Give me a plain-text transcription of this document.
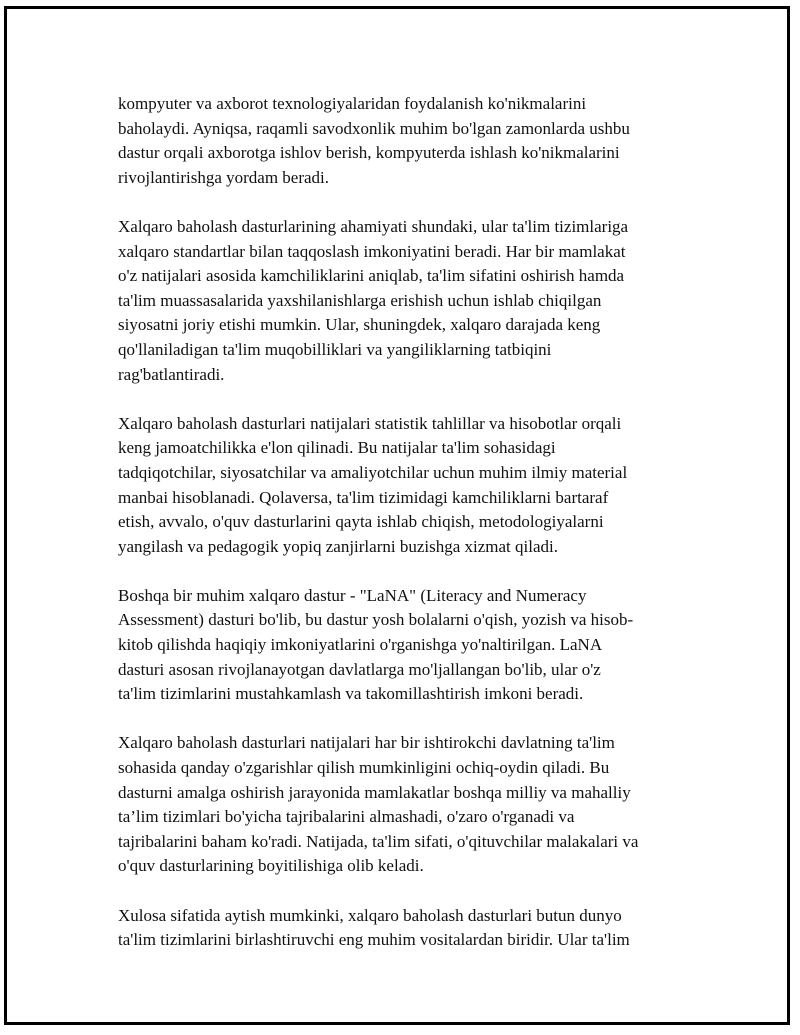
kompyuter va axborot texnologiyalaridan foydalanish ko'nikmalarini
baholaydi. Ayniqsa, raqamli savodxonlik muhim bo'lgan zamonlarda ushbu
dastur orqali axborotga ishlov berish, kompyuterda ishlash ko'nikmalarini
rivojlantirishga yordam beradi.
Xalqaro baholash dasturlarining ahamiyati shundaki, ular ta'lim tizimlariga
xalqaro standartlar bilan taqqoslash imkoniyatini beradi. Har bir mamlakat
o'z natijalari asosida kamchiliklarini aniqlab, ta'lim sifatini oshirish hamda
ta'lim muassasalarida yaxshilanishlarga erishish uchun ishlab chiqilgan
siyosatni joriy etishi mumkin. Ular, shuningdek, xalqaro darajada keng
qo'llaniladigan ta'lim muqobilliklari va yangiliklarning tatbiqini
rag'batlantiradi.
Xalqaro baholash dasturlari natijalari statistik tahlillar va hisobotlar orqali
keng jamoatchilikka e'lon qilinadi. Bu natijalar ta'lim sohasidagi
tadqiqotchilar, siyosatchilar va amaliyotchilar uchun muhim ilmiy material
manbai hisoblanadi. Qolaversa, ta'lim tizimidagi kamchiliklarni bartaraf
etish, avvalo, o'quv dasturlarini qayta ishlab chiqish, metodologiyalarni
yangilash va pedagogik yopiq zanjirlarni buzishga xizmat qiladi.
Boshqa bir muhim xalqaro dastur - "LaNA" (Literacy and Numeracy
Assessment) dasturi bo'lib, bu dastur yosh bolalarni o'qish, yozish va hisob-
kitob qilishda haqiqiy imkoniyatlarini o'rganishga yo'naltirilgan. LaNA
dasturi asosan rivojlanayotgan davlatlarga mo'ljallangan bo'lib, ular o'z
ta'lim tizimlarini mustahkamlash va takomillashtirish imkoni beradi.
Xalqaro baholash dasturlari natijalari har bir ishtirokchi davlatning ta'lim
sohasida qanday o'zgarishlar qilish mumkinligini ochiq-oydin qiladi. Bu
dasturni amalga oshirish jarayonida mamlakatlar boshqa milliy va mahalliy
ta’lim tizimlari bo'yicha tajribalarini almashadi, o'zaro o'rganadi va
tajribalarini baham ko'radi. Natijada, ta'lim sifati, o'qituvchilar malakalari va
o'quv dasturlarining boyitilishiga olib keladi.
Xulosa sifatida aytish mumkinki, xalqaro baholash dasturlari butun dunyo
ta'lim tizimlarini birlashtiruvchi eng muhim vositalardan biridir. Ular ta'lim
